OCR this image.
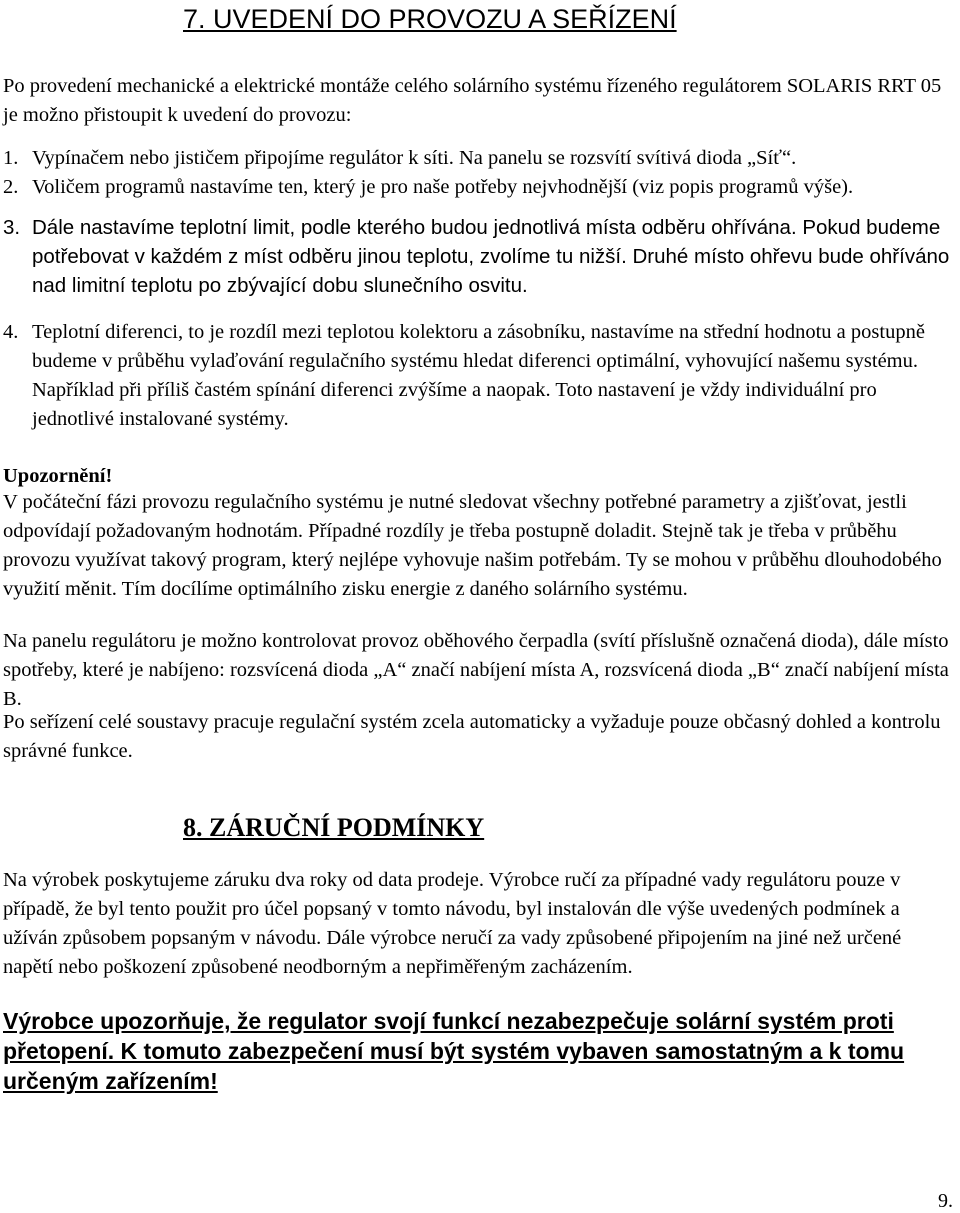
7. UVEDENÍ DO PROVOZU A SEŘÍZENÍ

Po provedení mechanické a elektrické montáže celého solárního systému řízeného regulátorem SOLARIS RRT 05 je možno přistoupit k uvedení do provozu:

1. Vypínačem nebo jističem připojíme regulátor k síti. Na panelu se rozsvítí svítivá dioda „Síť“.

2. Voličem programů nastavíme ten, který je pro naše potřeby nejvhodnější (viz popis programů výše).

3. Dále nastavíme teplotní limit, podle kterého budou jednotlivá místa odběru ohřívána. Pokud budeme potřebovat v každém z míst odběru jinou teplotu, zvolíme tu nižší. Druhé místo ohřevu bude ohříváno nad limitní teplotu po zbývající dobu slunečního osvitu.

4. Teplotní diferenci, to je rozdíl mezi teplotou kolektoru a zásobníku, nastavíme na střední hodnotu a postupně budeme v průběhu vylaďování regulačního systému hledat diferenci optimální, vyhovující našemu systému. Například při příliš častém spínání diferenci zvýšíme a naopak. Toto nastavení je vždy individuální pro jednotlivé instalované systémy.

Upozornění!

V počáteční fázi provozu regulačního systému je nutné sledovat všechny potřebné parametry a zjišťovat, jestli odpovídají požadovaným hodnotám. Případné rozdíly je třeba postupně doladit. Stejně tak je třeba v průběhu provozu využívat takový program, který nejlépe vyhovuje našim potřebám. Ty se mohou v průběhu dlouhodobého využití měnit. Tím docílíme optimálního zisku energie z daného solárního systému.

Na panelu regulátoru je možno kontrolovat provoz oběhového čerpadla (svítí příslušně označená dioda), dále místo spotřeby, které je nabíjeno: rozsvícená dioda „A“ značí nabíjení místa A, rozsvícená dioda „B“ značí nabíjení místa B.

Po seřízení celé soustavy pracuje regulační systém zcela automaticky a vyžaduje pouze občasný dohled a kontrolu správné funkce.

8. ZÁRUČNÍ PODMÍNKY

Na výrobek poskytujeme záruku dva roky od data prodeje. Výrobce ručí za případné vady regulátoru pouze v případě, že byl tento použit pro účel popsaný v tomto návodu, byl instalován dle výše uvedených podmínek a užíván způsobem popsaným v návodu. Dále výrobce neručí za vady způsobené připojením na jiné než určené napětí nebo poškození způsobené neodborným a nepřiměřeným zacházením.

Výrobce upozorňuje, že regulator svojí funkcí nezabezpečuje solární systém proti přetopení. K tomuto zabezpečení musí být systém vybaven samostatným a k tomu určeným zařízením!

9.
